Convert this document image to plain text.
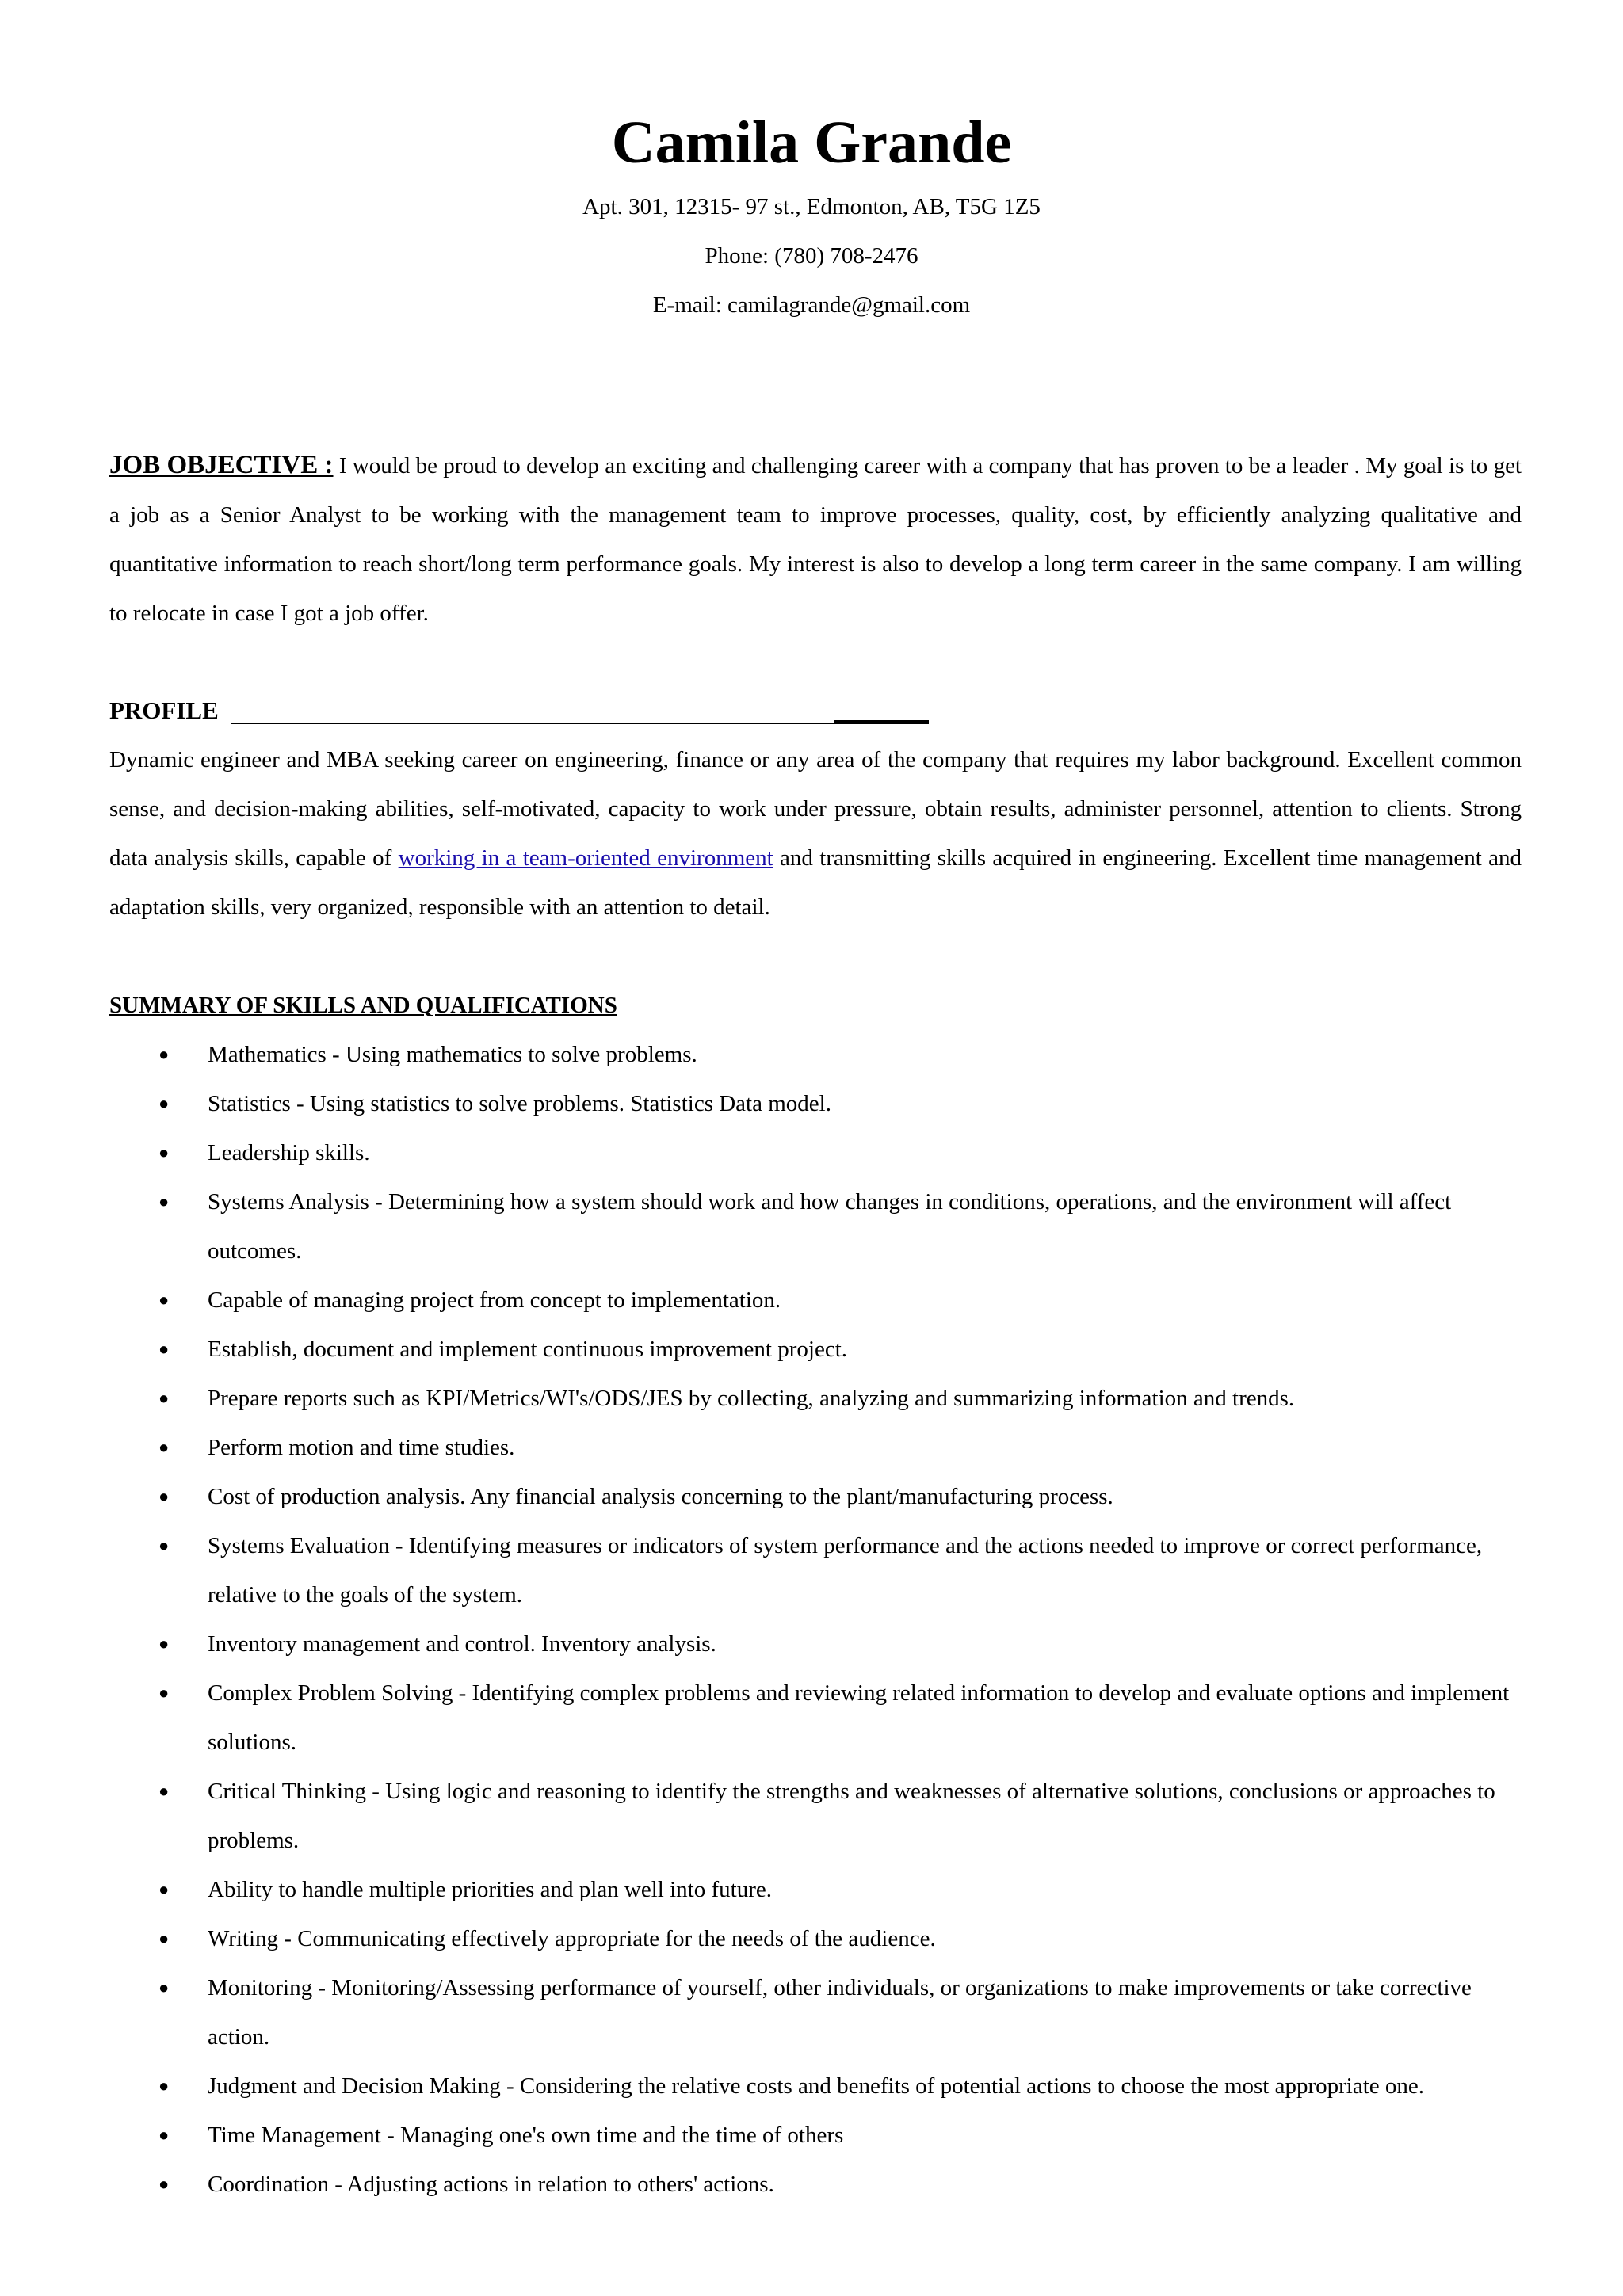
Camila Grande
Apt. 301, 12315- 97 st., Edmonton, AB, T5G 1Z5
Phone: (780) 708-2476
E-mail: camilagrande@gmail.com
JOB OBJECTIVE : I would be proud to develop an exciting and challenging career with a company that has proven to be a leader . My goal is to get a job as a Senior Analyst to be working with the management team to improve processes, quality, cost, by efficiently analyzing qualitative and quantitative information to reach short/long term performance goals. My interest is also to develop a long term career in the same company. I am willing to relocate in case I got a job offer.
PROFILE
Dynamic engineer and MBA seeking career on engineering, finance or any area of the company that requires my labor background. Excellent common sense, and decision-making abilities, self-motivated, capacity to work under pressure, obtain results, administer personnel, attention to clients. Strong data analysis skills, capable of working in a team-oriented environment and transmitting skills acquired in engineering. Excellent time management and adaptation skills, very organized, responsible with an attention to detail.
SUMMARY OF SKILLS AND QUALIFICATIONS
● Mathematics - Using mathematics to solve problems.
● Statistics - Using statistics to solve problems. Statistics Data model.
● Leadership skills.
● Systems Analysis - Determining how a system should work and how changes in conditions, operations, and the environment will affect outcomes.
● Capable of managing project from concept to implementation.
● Establish, document and implement continuous improvement project.
● Prepare reports such as KPI/Metrics/WI's/ODS/JES by collecting, analyzing and summarizing information and trends.
● Perform motion and time studies.
● Cost of production analysis. Any financial analysis concerning to the plant/manufacturing process.
● Systems Evaluation - Identifying measures or indicators of system performance and the actions needed to improve or correct performance, relative to the goals of the system.
● Inventory management and control. Inventory analysis.
● Complex Problem Solving - Identifying complex problems and reviewing related information to develop and evaluate options and implement solutions.
● Critical Thinking - Using logic and reasoning to identify the strengths and weaknesses of alternative solutions, conclusions or approaches to problems.
● Ability to handle multiple priorities and plan well into future.
● Writing - Communicating effectively appropriate for the needs of the audience.
● Monitoring - Monitoring/Assessing performance of yourself, other individuals, or organizations to make improvements or take corrective action.
● Judgment and Decision Making - Considering the relative costs and benefits of potential actions to choose the most appropriate one.
● Time Management - Managing one's own time and the time of others
● Coordination - Adjusting actions in relation to others' actions.
